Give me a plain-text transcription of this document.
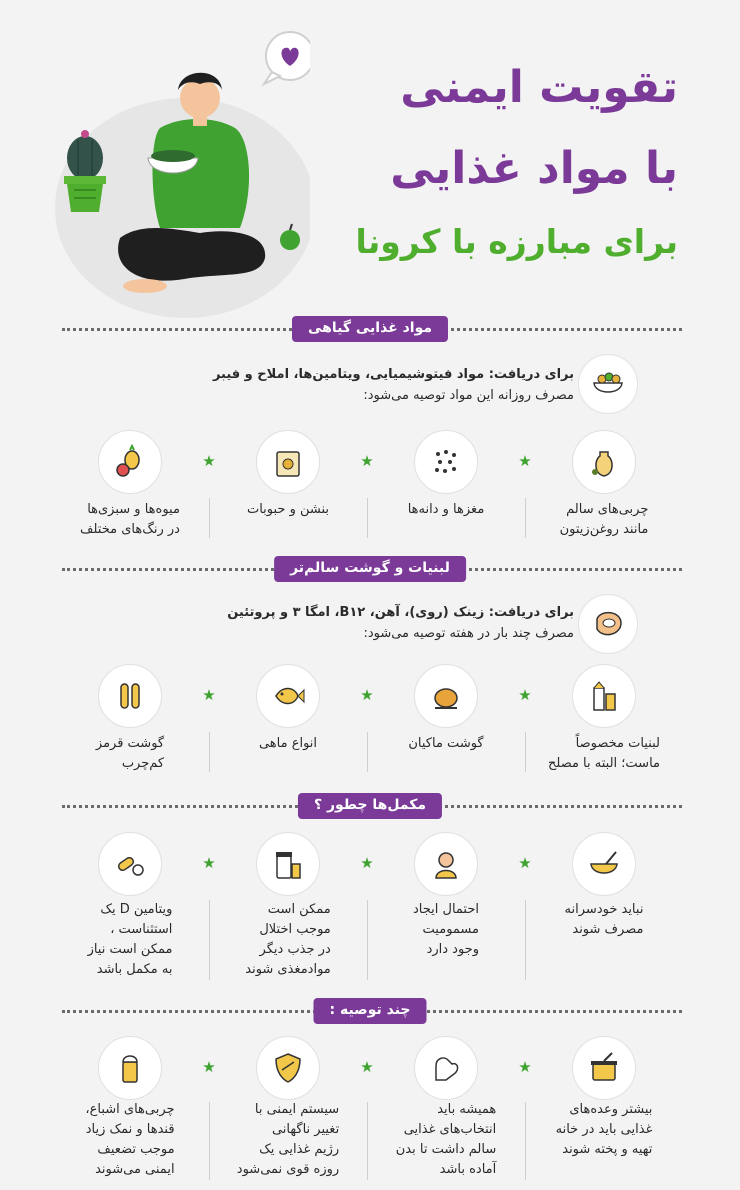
تقویت ایمنی
با مواد غذایی
برای مبارزه با کرونا
مواد غذایی گیاهی
برای دریافت: مواد فیتوشیمیایی، ویتامین‌ها، املاح و فیبر
مصرف روزانه این مواد توصیه می‌شود:
★
★
★
چربی‌های سالم
مانند روغن‌زیتون
مغزها و دانه‌ها
بنشن و حبوبات
میوه‌ها و سبزی‌ها
در رنگ‌های مختلف
لبنیات و گوشت سالم‌تر
برای دریافت: زینک (روی)، آهن، B۱۲، امگا ۳ و پروتئین
مصرف چند بار در هفته توصیه می‌شود:
★
★
★
لبنیات مخصوصاً
ماست؛ البته با مصلح
گوشت ماکیان
انواع ماهی
گوشت قرمز
کم‌چرب
مکمل‌ها چطور ؟
★
★
★
نباید خودسرانه
مصرف شوند
احتمال ایجاد
مسمومیت
وجود دارد
ممکن است
موجب اختلال
در جذب دیگر
موادمغذی شوند
ویتامین D یک
استثناست ،
ممکن است نیاز
به مکمل باشد
چند توصیه :
★
★
★
بیشتر وعده‌های
غذایی باید در خانه
تهیه و پخته شوند
همیشه باید
انتخاب‌های غذایی
سالم داشت تا بدن
آماده باشد
سیستم ایمنی با
تغییر ناگهانی
رژیم غذایی یک
روزه قوی نمی‌شود
چربی‌های اشباع،
قندها و نمک زیاد
موجب تضعیف
ایمنی می‌شوند
